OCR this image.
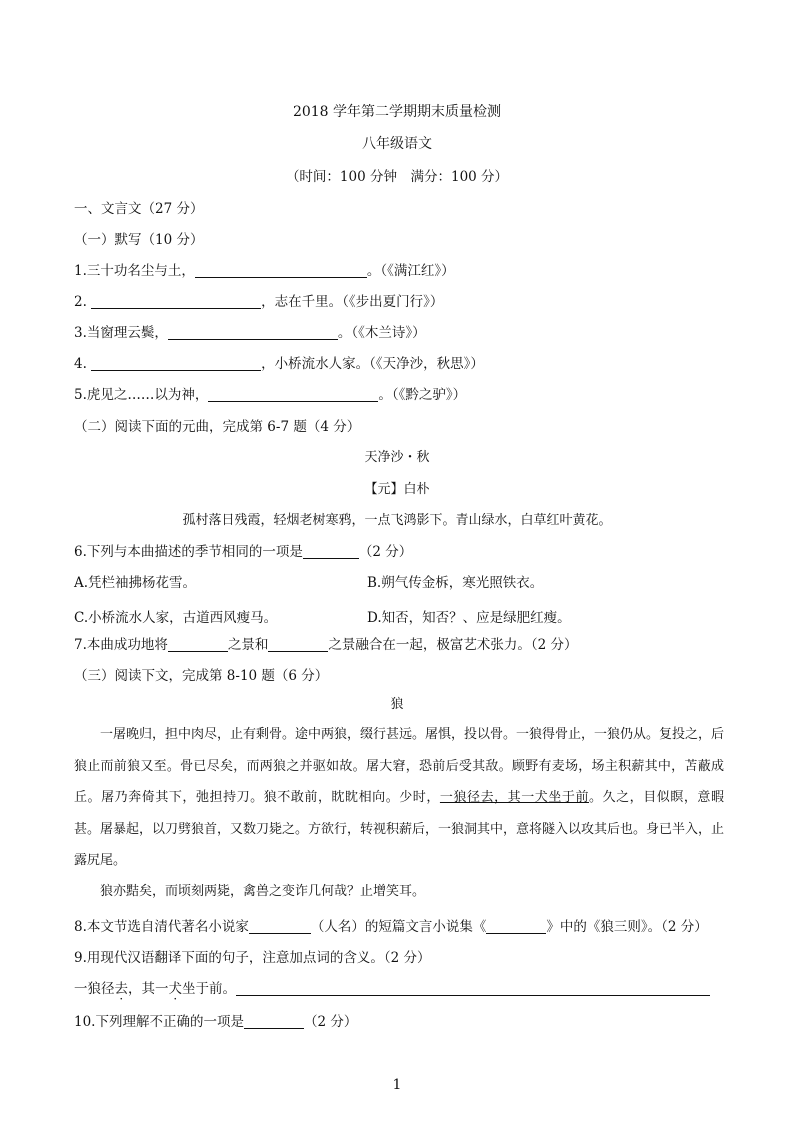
2018 学年第二学期期末质量检测
八年级语文
（时间：100 分钟　满分：100 分）
一、文言文（27 分）
（一）默写（10 分）
1.三十功名尘与土，	。（《满江红》）
2.	，志在千里。（《步出夏门行》）
3.当窗理云鬓，	。（《木兰诗》）
4.	，小桥流水人家。（《天净沙，秋思》）
5.虎见之……以为神，	。（《黔之驴》）
（二）阅读下面的元曲，完成第 6-7 题（4 分）
天净沙・秋
【元】白朴
孤村落日残霞，轻烟老树寒鸦，一点飞鸿影下。青山绿水，白草红叶黄花。
6.下列与本曲描述的季节相同的一项是	（2 分）
A.凭栏袖拂杨花雪。	B.朔气传金柝，寒光照铁衣。
C.小桥流水人家，古道西风瘦马。	D.知否，知否？、应是绿肥红瘦。
7.本曲成功地将	之景和	之景融合在一起，极富艺术张力。（2 分）
（三）阅读下文，完成第 8-10 题（6 分）
狼
一屠晚归，担中肉尽，止有剩骨。途中两狼，缀行甚远。屠惧，投以骨。一狼得骨止，一狼仍从。复投之，后狼止而前狼又至。骨已尽矣，而两狼之并驱如故。屠大窘，恐前后受其敌。顾野有麦场，场主积薪其中，苫蔽成丘。屠乃奔倚其下，弛担持刀。狼不敢前，眈眈相向。少时，一狼径去，其一犬坐于前。久之，目似瞑，意暇甚。屠暴起，以刀劈狼首，又数刀毙之。方欲行，转视积薪后，一狼洞其中，意将隧入以攻其后也。身已半入，止露尻尾。
狼亦黠矣，而顷刻两毙，禽兽之变诈几何哉？止增笑耳。
8.本文节选自清代著名小说家	（人名）的短篇文言小说集《	》中的《狼三则》。（2 分）
9.用现代汉语翻译下面的句子，注意加点词的含义。（2 分）
一狼径去，其一犬坐于前。
10.下列理解不正确的一项是	（2 分）
1
